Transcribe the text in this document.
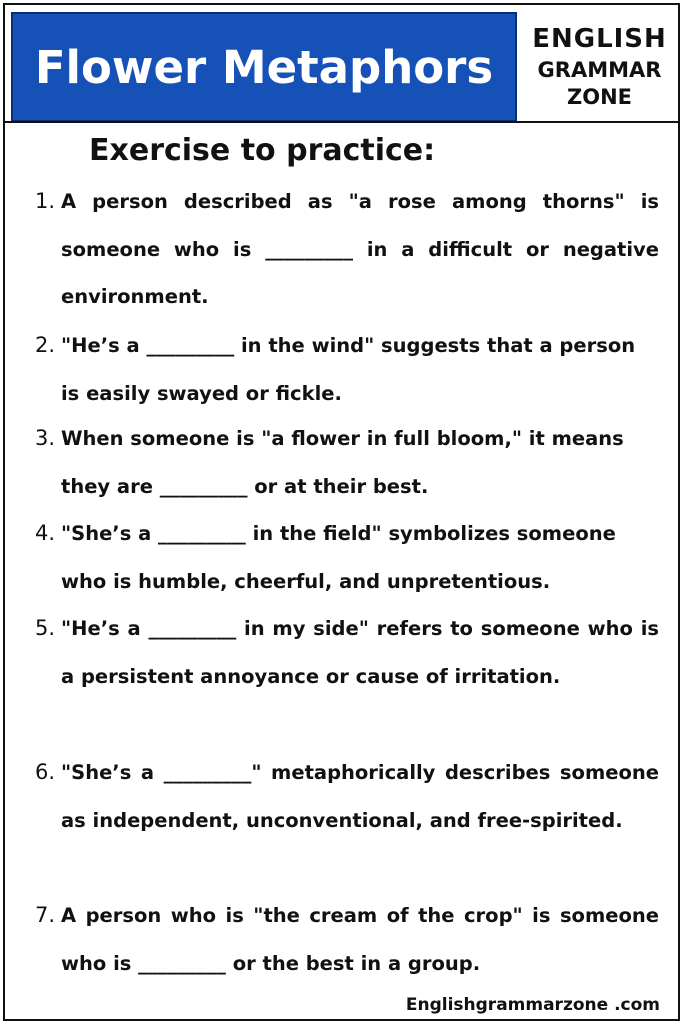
Flower Metaphors
ENGLISH
GRAMMAR
ZONE
Exercise to practice:
1. A person described as "a rose among thorns" is someone who is _________ in a difficult or negative environment.
2. "He’s a _________ in the wind" suggests that a person is easily swayed or fickle.
3. When someone is "a flower in full bloom," it means they are _________ or at their best.
4. "She’s a _________ in the field" symbolizes someone who is humble, cheerful, and unpretentious.
5. "He’s a _________ in my side" refers to someone who is a persistent annoyance or cause of irritation.
6. "She’s a _________" metaphorically describes someone as independent, unconventional, and free-spirited.
7. A person who is "the cream of the crop" is someone who is _________ or the best in a group.
Englishgrammarzone .com
